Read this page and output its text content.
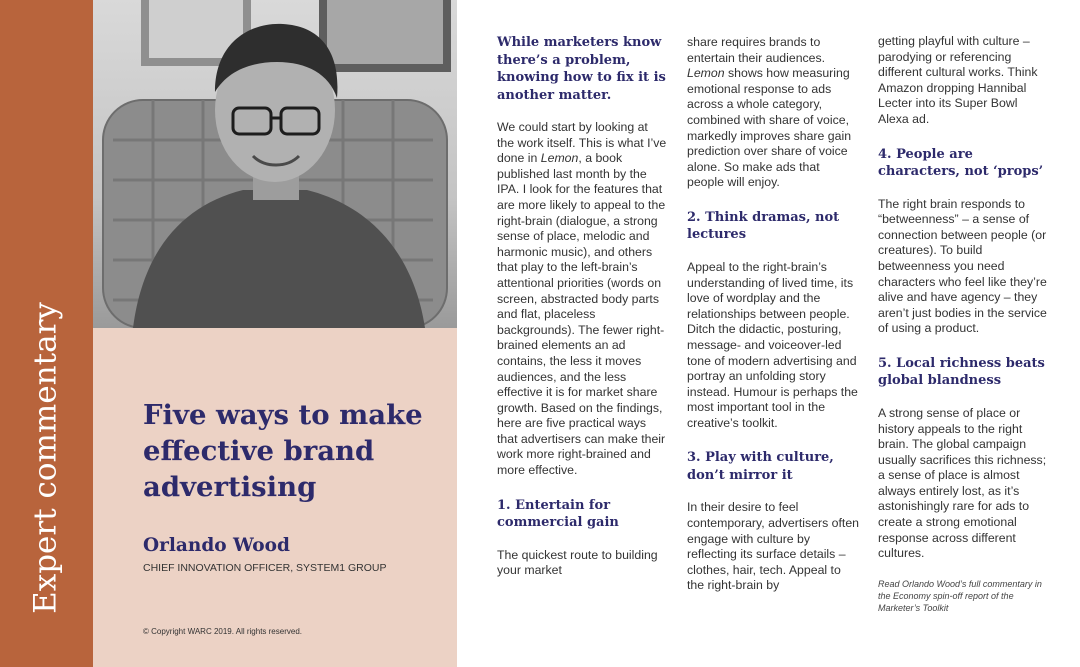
Expert commentary	Five ways to make
effective brand
advertising

Orlando Wood

CHIEF INNOVATION OFFICER, SYSTEM1 GROUP

© Copyright WARC 2019. All rights reserved.

While marketers know there’s a problem, knowing how to fix it is another matter.

We could start by looking at the work itself. This is what I’ve done in Lemon, a book published last month by the IPA. I look for the features that are more likely to appeal to the right-brain (dialogue, a strong sense of place, melodic and harmonic music), and others that play to the left-brain’s attentional priorities (words on screen, abstracted body parts and flat, placeless backgrounds). The fewer right-brained elements an ad contains, the less it moves audiences, and the less effective it is for market share growth. Based on the findings, here are five practical ways that advertisers can make their work more right-brained and more effective.

1. Entertain for commercial gain

The quickest route to building your market

share requires brands to entertain their audiences. Lemon shows how measuring emotional response to ads across a whole category, combined with share of voice, markedly improves share gain prediction over share of voice alone. So make ads that people will enjoy.

2. Think dramas, not lectures

Appeal to the right-brain’s understanding of lived time, its love of wordplay and the relationships between people. Ditch the didactic, posturing, message- and voiceover-led tone of modern advertising and portray an unfolding story instead. Humour is perhaps the most important tool in the creative’s toolkit.

3. Play with culture, don’t mirror it

In their desire to feel contemporary, advertisers often engage with culture by reflecting its surface details – clothes, hair, tech. Appeal to the right-brain by

getting playful with culture – parodying or referencing different cultural works. Think Amazon dropping Hannibal Lecter into its Super Bowl Alexa ad.

4. People are characters, not ‘props’

The right brain responds to “betweenness” – a sense of connection between people (or creatures). To build betweenness you need characters who feel like they’re alive and have agency – they aren’t just bodies in the service of using a product.

5. Local richness beats global blandness

A strong sense of place or history appeals to the right brain. The global campaign usually sacrifices this richness; a sense of place is almost always entirely lost, as it’s astonishingly rare for ads to create a strong emotional response across different cultures.

Read Orlando Wood’s full commentary in the Economy spin-off report of the Marketer’s Toolkit
